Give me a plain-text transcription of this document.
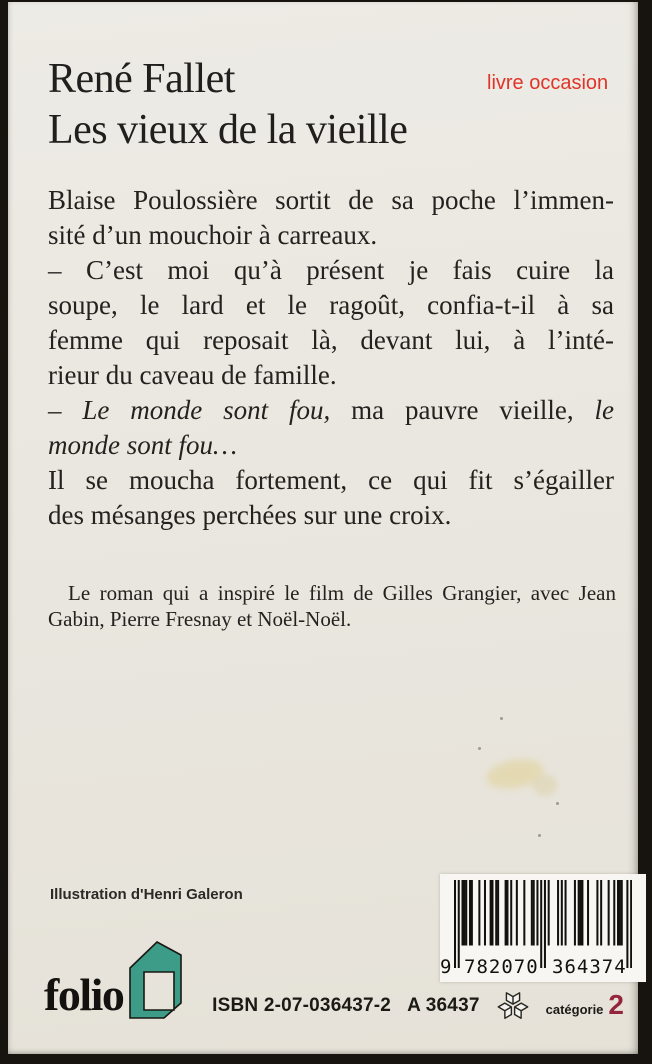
René Fallet
Les vieux de la vieille
livre occasion
Blaise Poulossière sortit de sa poche l’immen-
sité d’un mouchoir à carreaux.
– C’est moi qu’à présent je fais cuire la
soupe, le lard et le ragoût, confia-t-il à sa
femme qui reposait là, devant lui, à l’inté-
rieur du caveau de famille.
– Le monde sont fou, ma pauvre vieille, le
monde sont fou…
Il se moucha fortement, ce qui fit s’égailler
des mésanges perchées sur une croix.
Le roman qui a inspiré le film de Gilles Grangier, avec Jean
Gabin, Pierre Fresnay et Noël-Noël.
Illustration d'Henri Galeron
folio
9 782070 364374
ISBN 2-07-036437-2 A 36437	catégorie 2
